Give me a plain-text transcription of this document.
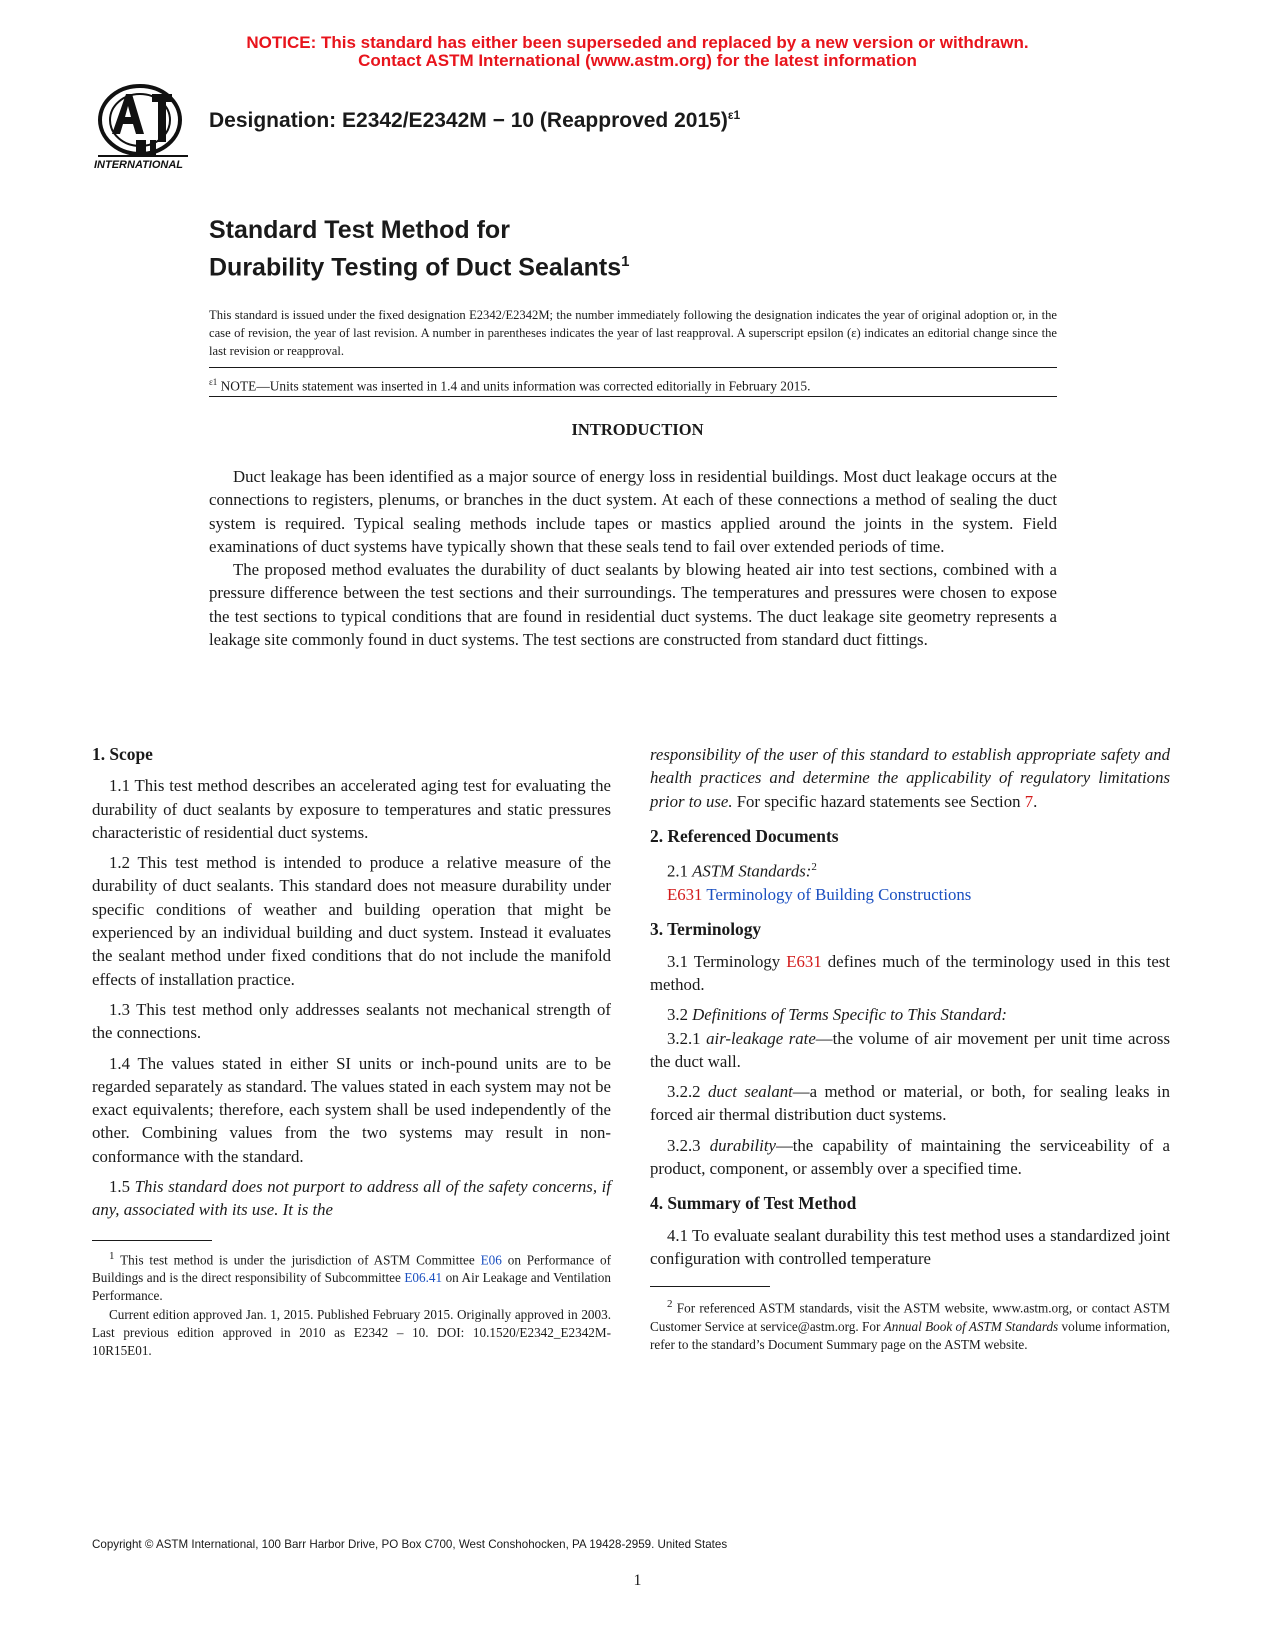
NOTICE: This standard has either been superseded and replaced by a new version or withdrawn.
Contact ASTM International (www.astm.org) for the latest information
INTERNATIONAL
Designation: E2342/E2342M − 10 (Reapproved 2015)$^{\varepsilon 1}$
Standard Test Method for
Durability Testing of Duct Sealants$^1$
This standard is issued under the fixed designation E2342/E2342M; the number immediately following the designation indicates the year of original adoption or, in the case of revision, the year of last revision. A number in parentheses indicates the year of last reapproval. A superscript epsilon (ε) indicates an editorial change since the last revision or reapproval.
$^{\varepsilon 1}$ NOTE—Units statement was inserted in 1.4 and units information was corrected editorially in February 2015.
INTRODUCTION

Duct leakage has been identified as a major source of energy loss in residential buildings. Most duct leakage occurs at the connections to registers, plenums, or branches in the duct system. At each of these connections a method of sealing the duct system is required. Typical sealing methods include tapes or mastics applied around the joints in the system. Field examinations of duct systems have typically shown that these seals tend to fail over extended periods of time.

The proposed method evaluates the durability of duct sealants by blowing heated air into test sections, combined with a pressure difference between the test sections and their surroundings. The temperatures and pressures were chosen to expose the test sections to typical conditions that are found in residential duct systems. The duct leakage site geometry represents a leakage site commonly found in duct systems. The test sections are constructed from standard duct fittings.

1. Scope

1.1 This test method describes an accelerated aging test for evaluating the durability of duct sealants by exposure to temperatures and static pressures characteristic of residential duct systems.

1.2 This test method is intended to produce a relative measure of the durability of duct sealants. This standard does not measure durability under specific conditions of weather and building operation that might be experienced by an individual building and duct system. Instead it evaluates the sealant method under fixed conditions that do not include the manifold effects of installation practice.

1.3 This test method only addresses sealants not mechanical strength of the connections.

1.4 The values stated in either SI units or inch-pound units are to be regarded separately as standard. The values stated in each system may not be exact equivalents; therefore, each system shall be used independently of the other. Combining values from the two systems may result in non-conformance with the standard.

1.5 This standard does not purport to address all of the safety concerns, if any, associated with its use. It is the

$^1$ This test method is under the jurisdiction of ASTM Committee E06 on Performance of Buildings and is the direct responsibility of Subcommittee E06.41 on Air Leakage and Ventilation Performance.

Current edition approved Jan. 1, 2015. Published February 2015. Originally approved in 2003. Last previous edition approved in 2010 as E2342 – 10. DOI: 10.1520/E2342_E2342M-10R15E01.

responsibility of the user of this standard to establish appropriate safety and health practices and determine the applicability of regulatory limitations prior to use. For specific hazard statements see Section 7.

2. Referenced Documents

2.1 ASTM Standards:$^2$

E631 Terminology of Building Constructions

3. Terminology

3.1 Terminology E631 defines much of the terminology used in this test method.

3.2 Definitions of Terms Specific to This Standard:

3.2.1 air-leakage rate—the volume of air movement per unit time across the duct wall.

3.2.2 duct sealant—a method or material, or both, for sealing leaks in forced air thermal distribution duct systems.

3.2.3 durability—the capability of maintaining the serviceability of a product, component, or assembly over a specified time.

4. Summary of Test Method

4.1 To evaluate sealant durability this test method uses a standardized joint configuration with controlled temperature

$^2$ For referenced ASTM standards, visit the ASTM website, www.astm.org, or contact ASTM Customer Service at service@astm.org. For Annual Book of ASTM Standards volume information, refer to the standard’s Document Summary page on the ASTM website.

Copyright © ASTM International, 100 Barr Harbor Drive, PO Box C700, West Conshohocken, PA 19428-2959. United States
1
